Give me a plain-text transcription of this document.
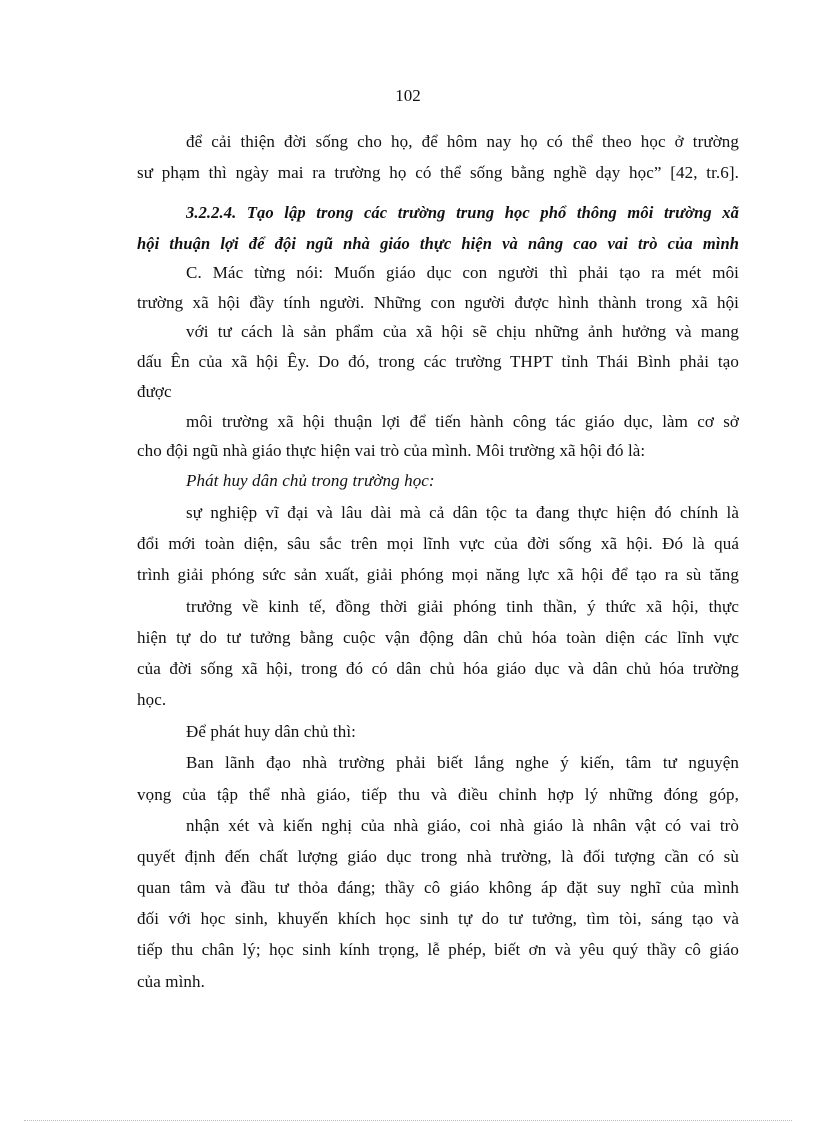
102
để cải thiện đời sống cho họ, để hôm nay họ có thể theo học ở trường
sư phạm thì ngày mai ra trường họ có thể sống bằng nghề dạy học” [42, tr.6].
3.2.2.4. Tạo lập trong các trường trung học phổ thông môi trường xã
hội thuận lợi để đội ngũ nhà giáo thực hiện và nâng cao vai trò của mình
C. Mác từng nói: Muốn giáo dục con người thì phải tạo ra mét môi
trường xã hội đầy tính người. Những con người được hình thành trong xã hội
với tư cách là sản phẩm của xã hội sẽ chịu những ảnh hưởng và mang
dấu Ên của xã hội Êy. Do đó, trong các trường THPT tỉnh Thái Bình phải tạo
được
môi trường xã hội thuận lợi để tiến hành công tác giáo dục, làm cơ sở
cho đội ngũ nhà giáo thực hiện vai trò của mình. Môi trường xã hội đó là:
Phát huy dân chủ trong trường học:
sự nghiệp vĩ đại và lâu dài mà cả dân tộc ta đang thực hiện đó chính là
đổi mới toàn diện, sâu sắc trên mọi lĩnh vực của đời sống xã hội. Đó là quá
trình giải phóng sức sản xuất, giải phóng mọi năng lực xã hội để tạo ra sù tăng
trưởng về kinh tế, đồng thời giải phóng tinh thần, ý thức xã hội, thực
hiện tự do tư tưởng bằng cuộc vận động dân chủ hóa toàn diện các lĩnh vực
của đời sống xã hội, trong đó có dân chủ hóa giáo dục và dân chủ hóa trường
học.
Để phát huy dân chủ thì:
Ban lãnh đạo nhà trường phải biết lắng nghe ý kiến, tâm tư nguyện
vọng của tập thể nhà giáo, tiếp thu và điều chỉnh hợp lý những đóng góp,
nhận xét và kiến nghị của nhà giáo, coi nhà giáo là nhân vật có vai trò
quyết định đến chất lượng giáo dục trong nhà trường, là đối tượng cần có sù
quan tâm và đầu tư thỏa đáng; thầy cô giáo không áp đặt suy nghĩ của mình
đối với học sinh, khuyến khích học sinh tự do tư tưởng, tìm tòi, sáng tạo và
tiếp thu chân lý; học sinh kính trọng, lễ phép, biết ơn và yêu quý thầy cô giáo
của mình.
